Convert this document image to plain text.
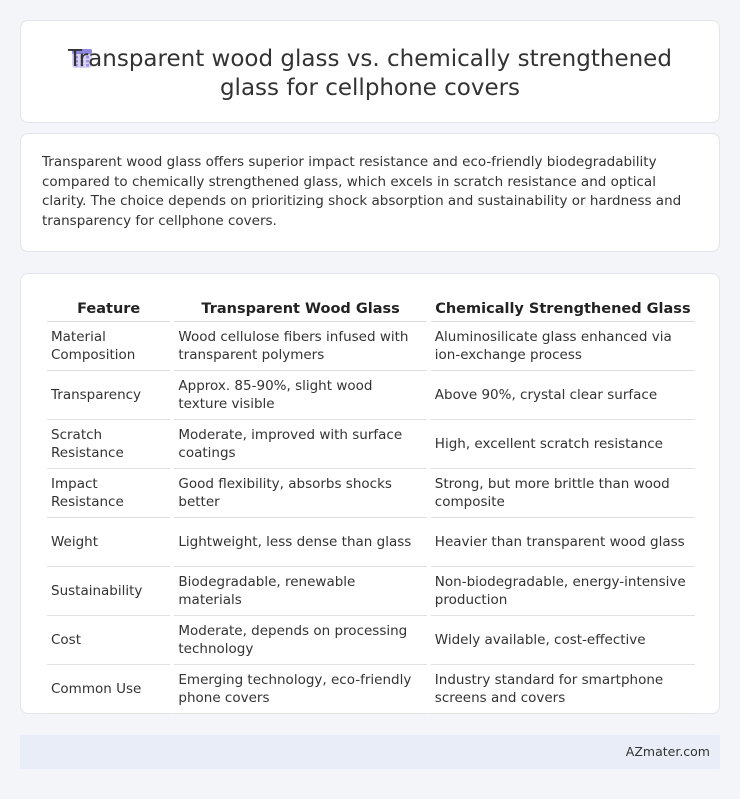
Transparent wood glass vs. chemically strengthened
glass for cellphone covers

Transparent wood glass offers superior impact resistance and eco-friendly biodegradability compared to chemically strengthened glass, which excels in scratch resistance and optical clarity. The choice depends on prioritizing shock absorption and sustainability or hardness and transparency for cellphone covers.

Feature	Transparent Wood Glass	Chemically Strengthened Glass
Material Composition	Wood cellulose fibers infused with transparent polymers	Aluminosilicate glass enhanced via ion-exchange process
Transparency	Approx. 85-90%, slight wood texture visible	Above 90%, crystal clear surface
Scratch Resistance	Moderate, improved with surface coatings	High, excellent scratch resistance
Impact Resistance	Good flexibility, absorbs shocks better	Strong, but more brittle than wood composite
Weight	Lightweight, less dense than glass	Heavier than transparent wood glass
Sustainability	Biodegradable, renewable materials	Non-biodegradable, energy-intensive production
Cost	Moderate, depends on processing technology	Widely available, cost-effective
Common Use	Emerging technology, eco-friendly phone covers	Industry standard for smartphone screens and covers
AZmater.com
